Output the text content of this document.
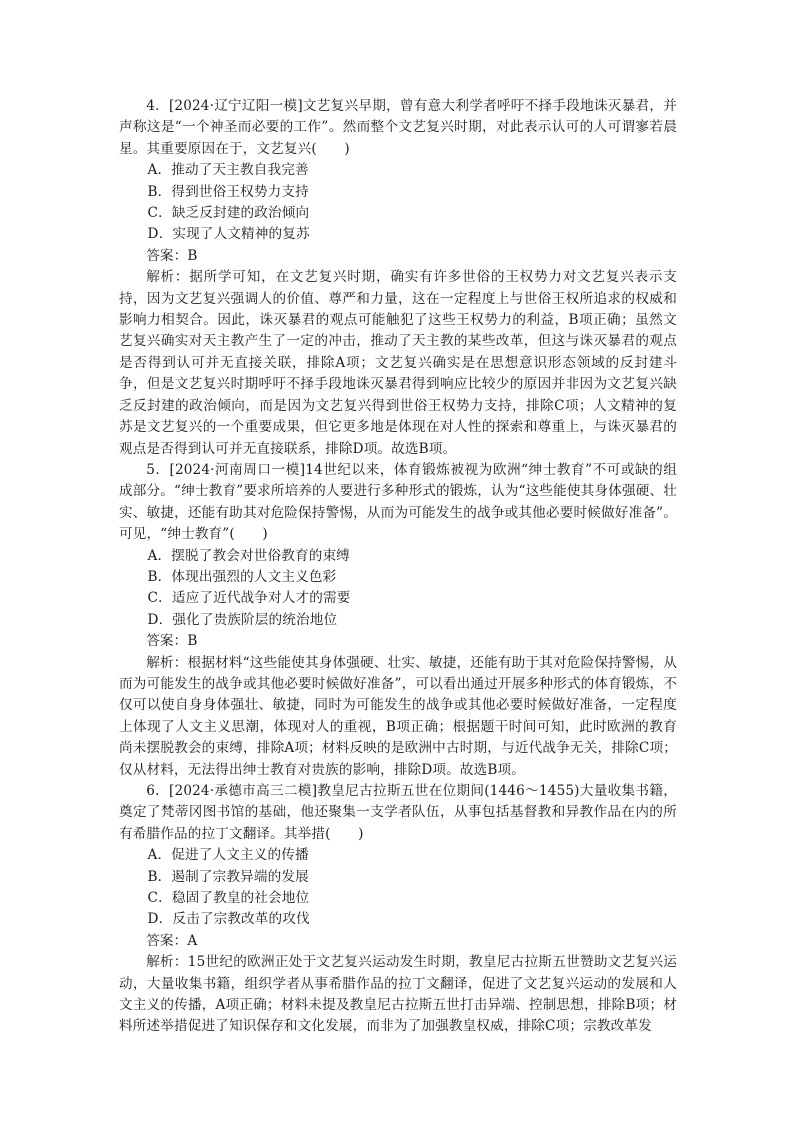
4．[2024·辽宁辽阳一模]文艺复兴早期，曾有意大利学者呼吁不择手段地诛灭暴君，并声称这是“一个神圣而必要的工作”。然而整个文艺复兴时期，对此表示认可的人可谓寥若晨星。其重要原因在于，文艺复兴(　　)

A．推动了天主教自我完善
B．得到世俗王权势力支持
C．缺乏反封建的政治倾向
D．实现了人文精神的复苏

答案：B

解析：据所学可知，在文艺复兴时期，确实有许多世俗的王权势力对文艺复兴表示支持，因为文艺复兴强调人的价值、尊严和力量，这在一定程度上与世俗王权所追求的权威和影响力相契合。因此，诛灭暴君的观点可能触犯了这些王权势力的利益，B项正确；虽然文艺复兴确实对天主教产生了一定的冲击，推动了天主教的某些改革，但这与诛灭暴君的观点是否得到认可并无直接关联，排除A项；文艺复兴确实是在思想意识形态领域的反封建斗争，但是文艺复兴时期呼吁不择手段地诛灭暴君得到响应比较少的原因并非因为文艺复兴缺乏反封建的政治倾向，而是因为文艺复兴得到世俗王权势力支持，排除C项；人文精神的复苏是文艺复兴的一个重要成果，但它更多地是体现在对人性的探索和尊重上，与诛灭暴君的观点是否得到认可并无直接联系，排除D项。故选B项。

5．[2024·河南周口一模]14世纪以来，体育锻炼被视为欧洲“绅士教育”不可或缺的组成部分。“绅士教育”要求所培养的人要进行多种形式的锻炼，认为“这些能使其身体强硬、壮实、敏捷，还能有助其对危险保持警惕，从而为可能发生的战争或其他必要时候做好准备”。可见，“绅士教育”(　　)

A．摆脱了教会对世俗教育的束缚
B．体现出强烈的人文主义色彩
C．适应了近代战争对人才的需要
D．强化了贵族阶层的统治地位

答案：B

解析：根据材料“这些能使其身体强硬、壮实、敏捷，还能有助于其对危险保持警惕，从而为可能发生的战争或其他必要时候做好准备”，可以看出通过开展多种形式的体育锻炼，不仅可以使自身身体强壮、敏捷，同时为可能发生的战争或其他必要时候做好准备，一定程度上体现了人文主义思潮，体现对人的重视，B项正确；根据题干时间可知，此时欧洲的教育尚未摆脱教会的束缚，排除A项；材料反映的是欧洲中古时期，与近代战争无关，排除C项；仅从材料，无法得出绅士教育对贵族的影响，排除D项。故选B项。

6．[2024·承德市高三二模]教皇尼古拉斯五世在位期间(1446～1455)大量收集书籍，奠定了梵蒂冈图书馆的基础，他还聚集一支学者队伍，从事包括基督教和异教作品在内的所有希腊作品的拉丁文翻译。其举措(　　)

A．促进了人文主义的传播
B．遏制了宗教异端的发展
C．稳固了教皇的社会地位
D．反击了宗教改革的攻伐

答案：A

解析：15世纪的欧洲正处于文艺复兴运动发生时期，教皇尼古拉斯五世赞助文艺复兴运动，大量收集书籍，组织学者从事希腊作品的拉丁文翻译，促进了文艺复兴运动的发展和人文主义的传播，A项正确；材料未提及教皇尼古拉斯五世打击异端、控制思想，排除B项；材料所述举措促进了知识保存和文化发展，而非为了加强教皇权威，排除C项；宗教改革发
